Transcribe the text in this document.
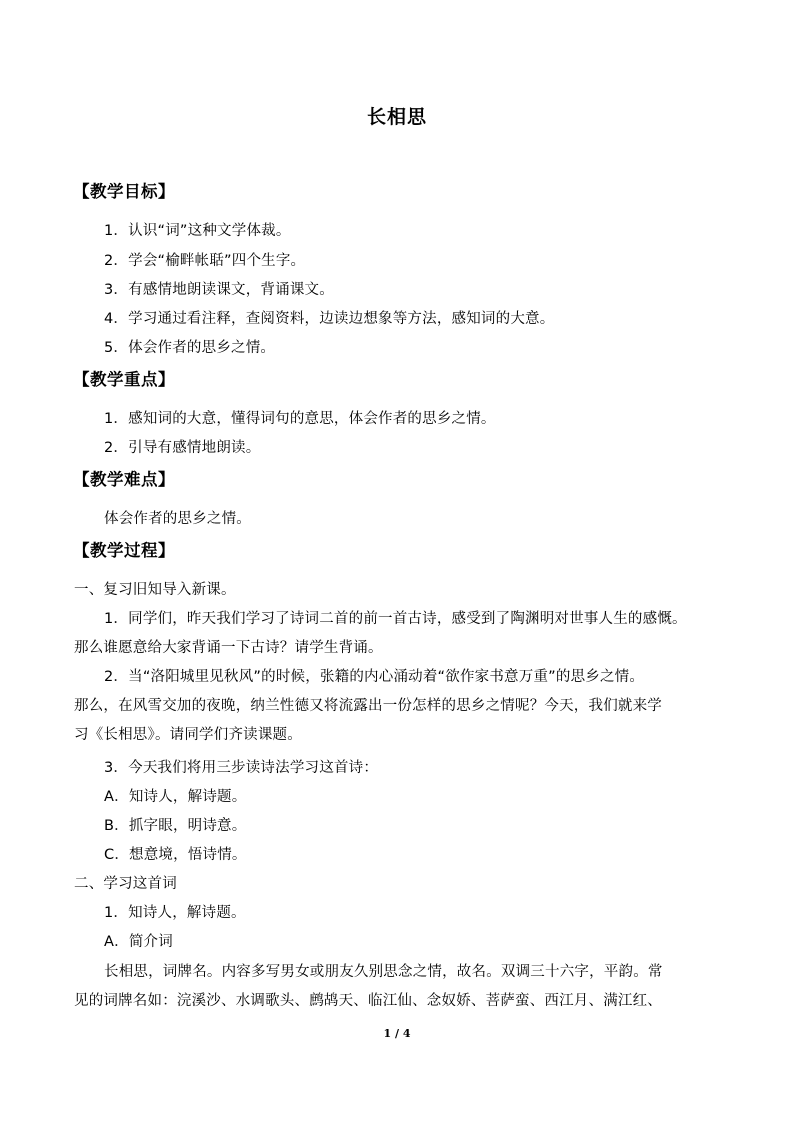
长相思
【教学目标】
1．认识“词”这种文学体裁。
2．学会“榆畔帐聒”四个生字。
3．有感情地朗读课文，背诵课文。
4．学习通过看注释，查阅资料，边读边想象等方法，感知词的大意。
5．体会作者的思乡之情。
【教学重点】
1．感知词的大意，懂得词句的意思，体会作者的思乡之情。
2．引导有感情地朗读。
【教学难点】
体会作者的思乡之情。
【教学过程】
一、复习旧知导入新课。
1．同学们，昨天我们学习了诗词二首的前一首古诗，感受到了陶渊明对世事人生的感慨。
那么谁愿意给大家背诵一下古诗？请学生背诵。
2．当“洛阳城里见秋风”的时候，张籍的内心涌动着“欲作家书意万重”的思乡之情。
那么，在风雪交加的夜晚，纳兰性德又将流露出一份怎样的思乡之情呢？今天，我们就来学
习《长相思》。请同学们齐读课题。
3．今天我们将用三步读诗法学习这首诗：
A．知诗人，解诗题。
B．抓字眼，明诗意。
C．想意境，悟诗情。
二、学习这首词
1．知诗人，解诗题。
A．简介词
长相思，词牌名。内容多写男女或朋友久别思念之情，故名。双调三十六字，平韵。常
见的词牌名如：浣溪沙、水调歌头、鹧鸪天、临江仙、念奴娇、菩萨蛮、西江月、满江红、
1 / 4
